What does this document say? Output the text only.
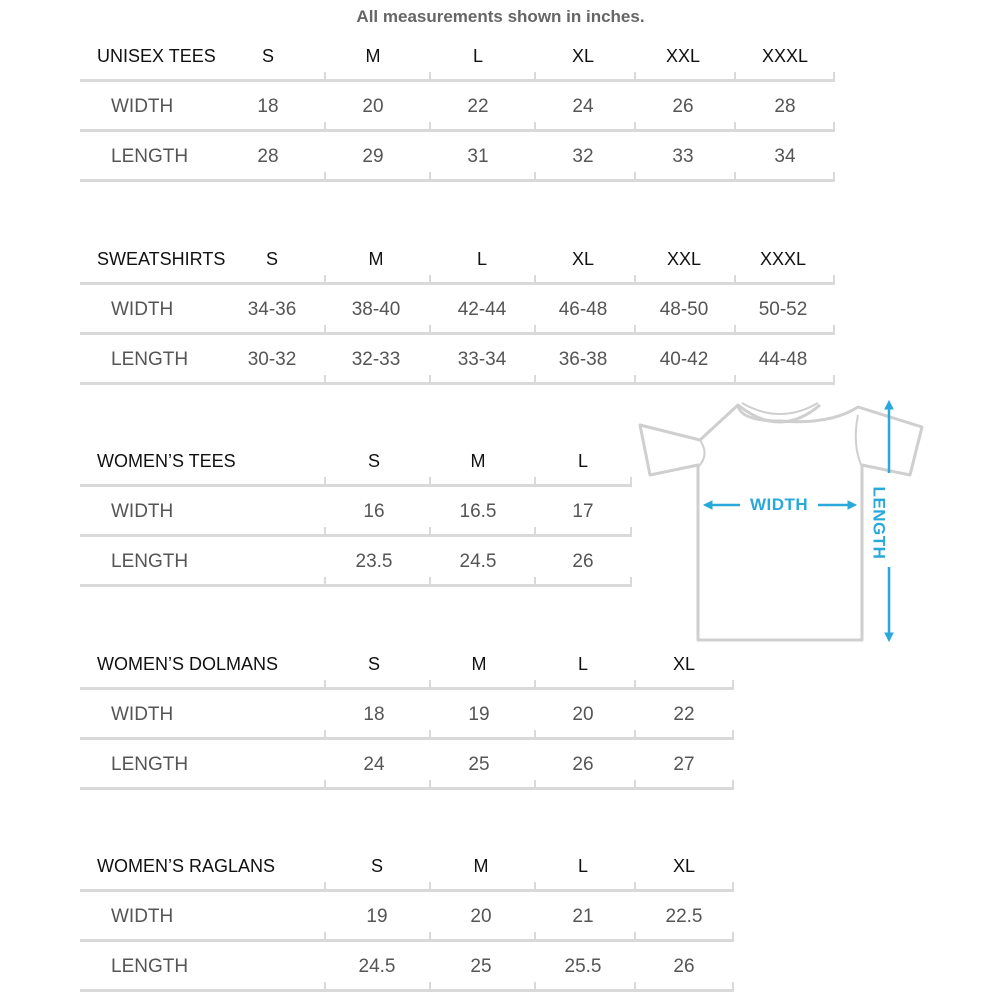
All measurements shown in inches.
UNISEX TEES	S	M	L	XL	XXL	XXXL
WIDTH	18	20	22	24	26	28
LENGTH	28	29	31	32	33	34
SWEATSHIRTS	S	M	L	XL	XXL	XXXL
WIDTH	34-36	38-40	42-44	46-48	48-50	50-52
LENGTH	30-32	32-33	33-34	36-38	40-42	44-48
WOMEN’S TEES	S	M	L
WIDTH	16	16.5	17
LENGTH	23.5	24.5	26
WOMEN’S DOLMANS	S	M	L	XL
WIDTH	18	19	20	22
LENGTH	24	25	26	27
WOMEN’S RAGLANS	S	M	L	XL
WIDTH	19	20	21	22.5
LENGTH	24.5	25	25.5	26
WIDTH	LENGTH
